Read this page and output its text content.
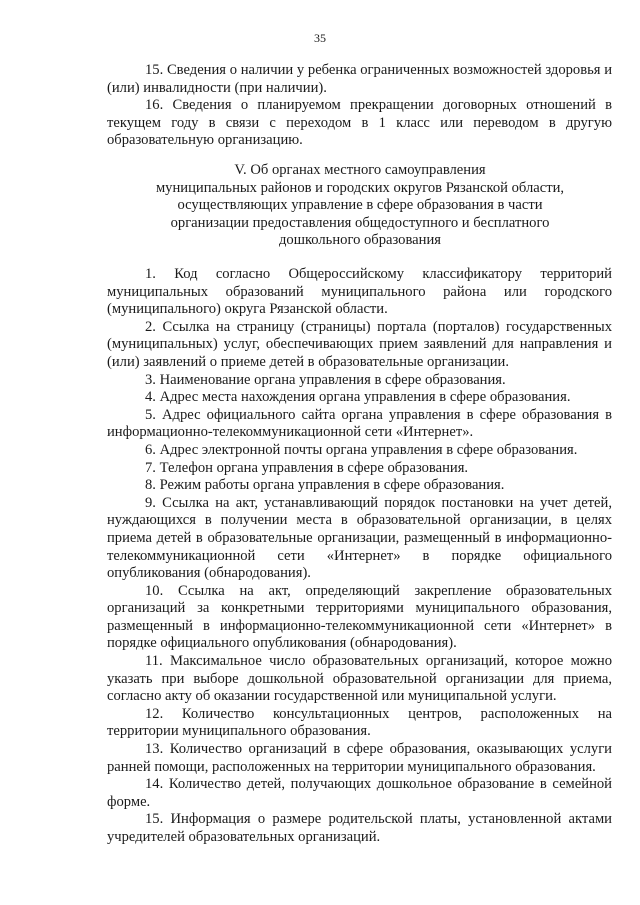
35

15. Сведения о наличии у ребенка ограниченных возможностей здоровья и (или) инвалидности (при наличии).

16. Сведения о планируемом прекращении договорных отношений в текущем году в связи с переходом в 1 класс или переводом в другую образовательную организацию.

V. Об органах местного самоуправления
муниципальных районов и городских округов Рязанской области,
осуществляющих управление в сфере образования в части
организации предоставления общедоступного и бесплатного
дошкольного образования

1. Код согласно Общероссийскому классификатору территорий муниципальных образований муниципального района или городского (муниципального) округа Рязанской области.

2. Ссылка на страницу (страницы) портала (порталов) государственных (муниципальных) услуг, обеспечивающих прием заявлений для направления и (или) заявлений о приеме детей в образовательные организации.

3. Наименование органа управления в сфере образования.

4. Адрес места нахождения органа управления в сфере образования.

5. Адрес официального сайта органа управления в сфере образования в информационно-телекоммуникационной сети «Интернет».

6. Адрес электронной почты органа управления в сфере образования.

7. Телефон органа управления в сфере образования.

8. Режим работы органа управления в сфере образования.

9. Ссылка на акт, устанавливающий порядок постановки на учет детей, нуждающихся в получении места в образовательной организации, в целях приема детей в образовательные организации, размещенный в информационно-телекоммуникационной сети «Интернет» в порядке официального опубликования (обнародования).

10. Ссылка на акт, определяющий закрепление образовательных организаций за конкретными территориями муниципального образования, размещенный в информационно-телекоммуникационной сети «Интернет» в порядке официального опубликования (обнародования).

11. Максимальное число образовательных организаций, которое можно указать при выборе дошкольной образовательной организации для приема, согласно акту об оказании государственной или муниципальной услуги.

12. Количество консультационных центров, расположенных на территории муниципального образования.

13. Количество организаций в сфере образования, оказывающих услуги ранней помощи, расположенных на территории муниципального образования.

14. Количество детей, получающих дошкольное образование в семейной форме.

15. Информация о размере родительской платы, установленной актами учредителей образовательных организаций.
